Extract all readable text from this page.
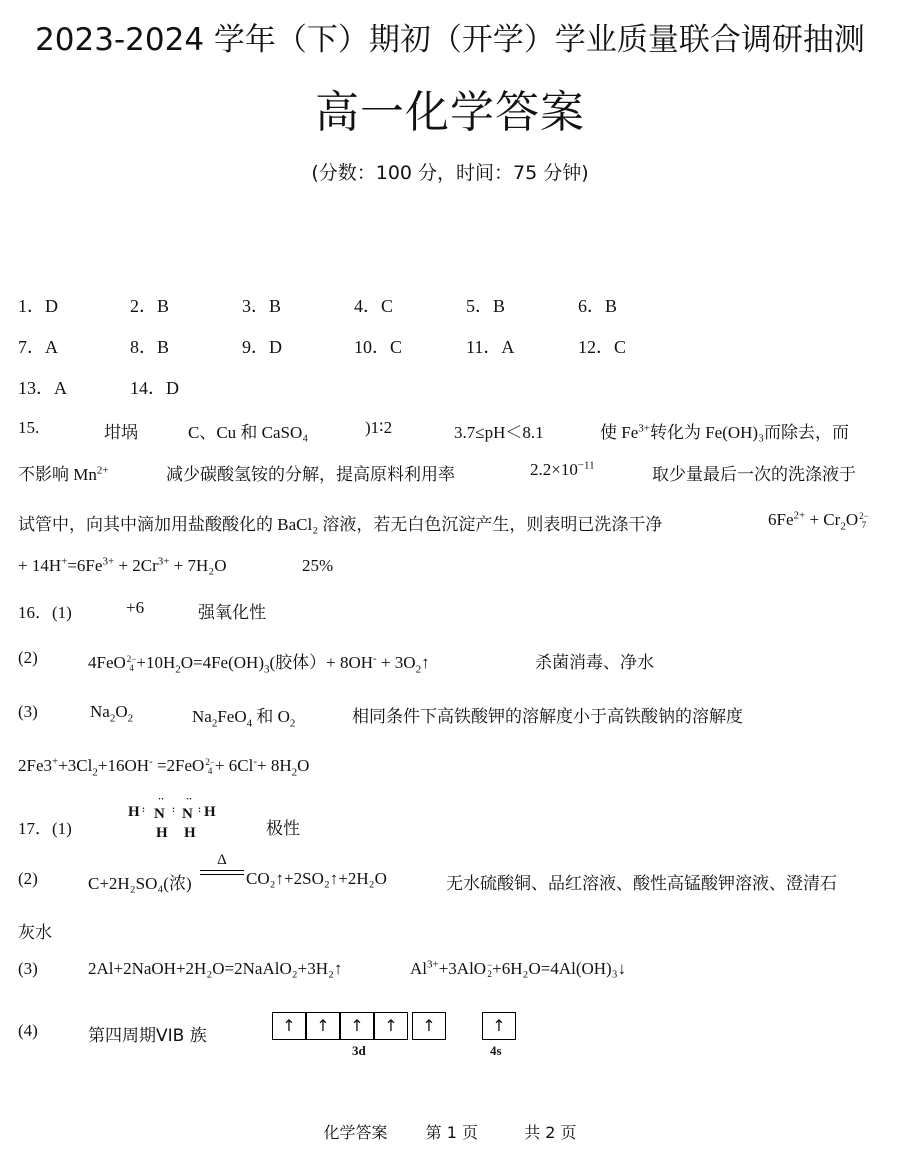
2023-2024 学年（下）期初（开学）学业质量联合调研抽测
高一化学答案
(分数：100 分，时间：75 分钟)
1．D	2．B	3．B	4．C	5．B	6．B
7．A	8．B	9．D	10．C	11．A	12．C
13．A	14．D
15.	坩埚	C、Cu 和 CaSO₄	)1∶2	3.7≤pH＜8.1	使 $Fe^{3+}$转化为 Fe(OH)₃而除去，而
不影响 $Mn^{2+}$	减少碳酸氢铵的分解，提高原料利用率	$2.2\times 10^{-11}$	取少量最后一次的洗涤液于
试管中，向其中滴加用盐酸酸化的 BaCl₂ 溶液，若无白色沉淀产生，则表明已洗涤干净	$6Fe^{2+} + Cr_2O2-$
7
+ $14H^+=6Fe^{3+} + 2Cr^{3+} + 7H_2O$	25%
16．(1)	+6	强氧化性
(2)	4FeO2−
$4 +10H_2O=4Fe(OH)_3$(胶体）+ $8OH^- + 3O_2↑$	杀菌消毒、净水
(3)	$Na_2O_2$	$Na_2FeO_4$ 和 $O_2$	相同条件下高铁酸钾的溶解度小于高铁酸钠的溶解度
$2Fe3^++3Cl_2+16OH^- =2FeO2-$
$4 + 6Cl^-+ 8H_2O$
17．(1)
H : N
··
: N
··
: H
H H	极性
(2)	C+2H₂SO₄(浓)
Δ
CO₂↑+2SO₂↑+2H₂O	无水硫酸铜、品红溶液、酸性高锰酸钾溶液、澄清石
灰水
(3)	2Al+2NaOH+2H₂O=2NaAlO₂+3H₂↑	$Al^{3+}+3AlO-$
2+6H₂O=4Al(OH)₃↓
(4)	第四周期VIB 族
↑	↑	↑	↑	↑	↑
3d	4s
化学答案 第 1 页	共 2 页
